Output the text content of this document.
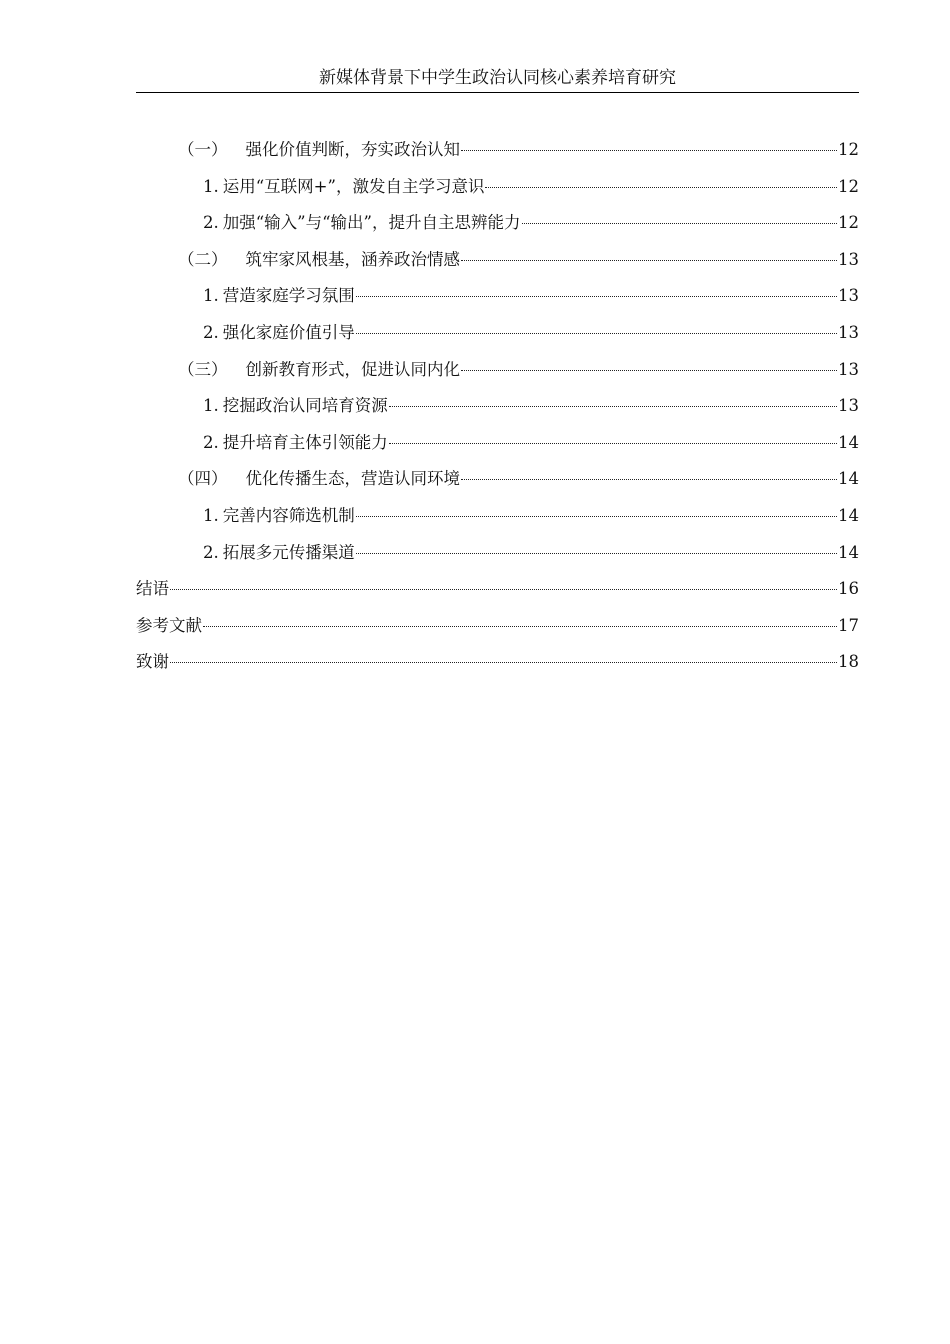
新媒体背景下中学生政治认同核心素养培育研究
（一） 强化价值判断，夯实政治认知	12
1. 运用“互联网+”，激发自主学习意识	12
2. 加强“输入”与“输出”，提升自主思辨能力	12
（二） 筑牢家风根基，涵养政治情感	13
1. 营造家庭学习氛围	13
2. 强化家庭价值引导	13
（三） 创新教育形式，促进认同内化	13
1. 挖掘政治认同培育资源	13
2. 提升培育主体引领能力	14
（四） 优化传播生态，营造认同环境	14
1. 完善内容筛选机制	14
2. 拓展多元传播渠道	14
结语	16
参考文献	17
致谢	18
